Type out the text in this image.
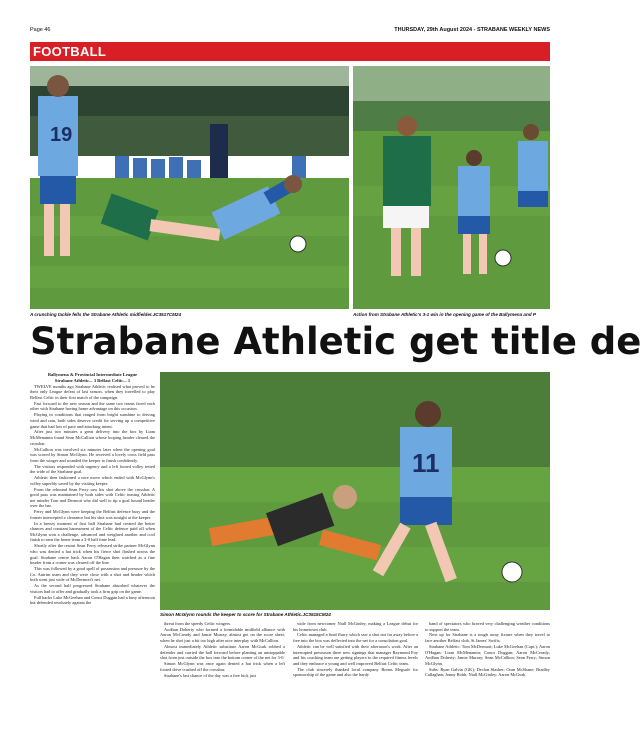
Page 46	THURSDAY, 29th August 2024 - STRABANE WEEKLY NEWS
FOOTBALL
19
A crunching tackle fells the Strabane Athletic midfielder.JC3517CM24	Action from Strabane Athletic's 3-1 win in the opening game of the Ballymena and P
Strabane Athletic get title de
11
Simon McGlynn rounds the keeper to score for Strabane Athletic.JC3515CM24

Ballymena & Provincial Intermediate League

Strabane Athletic... 3 Belfast Celtic... 1

TWELVE months ago Strabane Athletic realised what proved to be their only League defeat of last season, when they travelled to play Belfast Celtic in their first match of the campaign.

Fast forward to the new season and the same two teams faced each other with Strabane having home advantage on this occasion.

Playing in conditions that ranged from bright sunshine to driving wind and rain, both sides deserve credit for serving up a competitive game that had lots of pace and attacking intent.

After just two minutes a great delivery into the box by Liam McMenamin found Sean McCallion whose looping header cleared the crossbar.

McCallion was involved six minutes later when the opening goal was scored by Simon McGlynn. He received a lovely cross field pass from the winger and rounded the keeper to finish confidently.

The visitors responded with urgency and a left footed volley tested the wide of the Strabane goal.

Athletic then fashioned a nice move which ended with McGlynn's volley superbly saved by the visiting keeper.

From the rebound Sean Ferry saw his shot above the crossbar. A good pass was maintained by both sides with Celtic teasing Athletic net minder Tom and Dermott who did well to tip a goal bound header over the bar.

Ferry and McGlynn were keeping the Belfast defence busy and the former intercepted a clearance but his shot was straight at the keeper.

In a breezy moment of first half Strabane had created the better chances and constant harassment of the Celtic defence paid off when McGlynn won a challenge, advanced and weighted another and cool finish to earn the home team a 2-0 half time lead.

Shortly after the restart Sean Ferry released strike partner McGlynn who was denied a hat trick when his fierce shot flashed across the goal. Strabane centre back Aaron O'Hagan then watched as a fine header from a corner was cleared off the line.

This was followed by a good spell of possession and pressure by the Co. Antrim team and they were close with a shot and header which both went just wide of McDermott's net.

As the second half progressed Strabane absorbed whatever the visitors had to offer and gradually took a firm grip on the game.

Full backs Luke McGeehan and Conor Duggan had a busy afternoon but defended resolutely against the

threat from the speedy Celtic wingers.

Aodhan Doherty who formed a formidable midfield alliance with Aaron McCready and Jamie Murray, almost got on the score sheet, when he shot just a bit too high after nice interplay with McCallion.

Almost immediately Athletic substitute Aaron McGurk robbed a defender and carried the ball forward before planting an unstoppable shot from just outside the box into the bottom corner of the net for 3-0.

Simon McGlynn was once again denied a hat trick when a left footed drive crashed off the crossbar.

Strabane's last chance of the day was a free kick just

wide from newcomer Niall McGinley, making a League debut for his hometown club.

Celtic managed a final flurry which saw a shot not far away before a free into the box was deflected into the net for a consolation goal.

Athletic can be well satisfied with their afternoon's work. After an interrupted preseason three new signings that manager Raymond Foy and his coaching team are getting players to the required fitness levels and they embrace a young and well improved Belfast Celtic team.

The club sincerely thanked local company Bonus Megsafe for sponsorship of the game and also the hardy

band of spectators who braved very challenging weather conditions to support the team.

Next up for Strabane is a tough away fixture when they travel to face another Belfast club, St James' Swifts.

Strabane Athletic: Tom McDermott; Luke McGeehan (Capt.); Aaron O'Hagan; Liam McMenamin; Conor Duggan; Aaron McCready; Aodhan Doherty; Jamie Murray; Sean McCallion; Sean Ferry; Simon McGlynn.

Subs: Ryan Galvin (GK); Declan Slasher; Oran McShane; Bradley Callaghan; Jonny Robb; Niall McGinley; Aaron McGurk.
